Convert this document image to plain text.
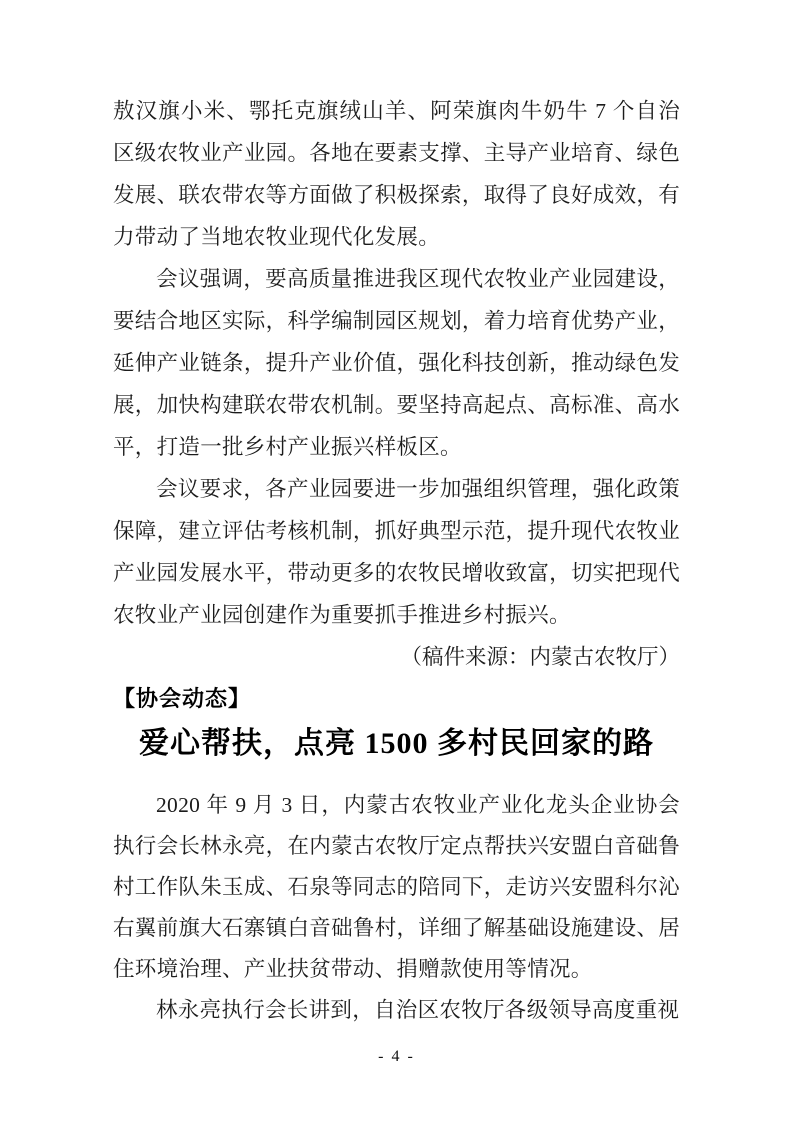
敖汉旗小米、鄂托克旗绒山羊、阿荣旗肉牛奶牛 7 个自治区级农牧业产业园。各地在要素支撑、主导产业培育、绿色发展、联农带农等方面做了积极探索，取得了良好成效，有力带动了当地农牧业现代化发展。

会议强调，要高质量推进我区现代农牧业产业园建设，要结合地区实际，科学编制园区规划，着力培育优势产业，延伸产业链条，提升产业价值，强化科技创新，推动绿色发展，加快构建联农带农机制。要坚持高起点、高标准、高水平，打造一批乡村产业振兴样板区。

会议要求，各产业园要进一步加强组织管理，强化政策保障，建立评估考核机制，抓好典型示范，提升现代农牧业产业园发展水平，带动更多的农牧民增收致富，切实把现代农牧业产业园创建作为重要抓手推进乡村振兴。

（稿件来源：内蒙古农牧厅）

【协会动态】
爱心帮扶，点亮 1500 多村民回家的路

2020 年 9 月 3 日，内蒙古农牧业产业化龙头企业协会执行会长林永亮，在内蒙古农牧厅定点帮扶兴安盟白音础鲁村工作队朱玉成、石泉等同志的陪同下，走访兴安盟科尔沁右翼前旗大石寨镇白音础鲁村，详细了解基础设施建设、居住环境治理、产业扶贫带动、捐赠款使用等情况。

林永亮执行会长讲到，自治区农牧厅各级领导高度重视

- 4 -
